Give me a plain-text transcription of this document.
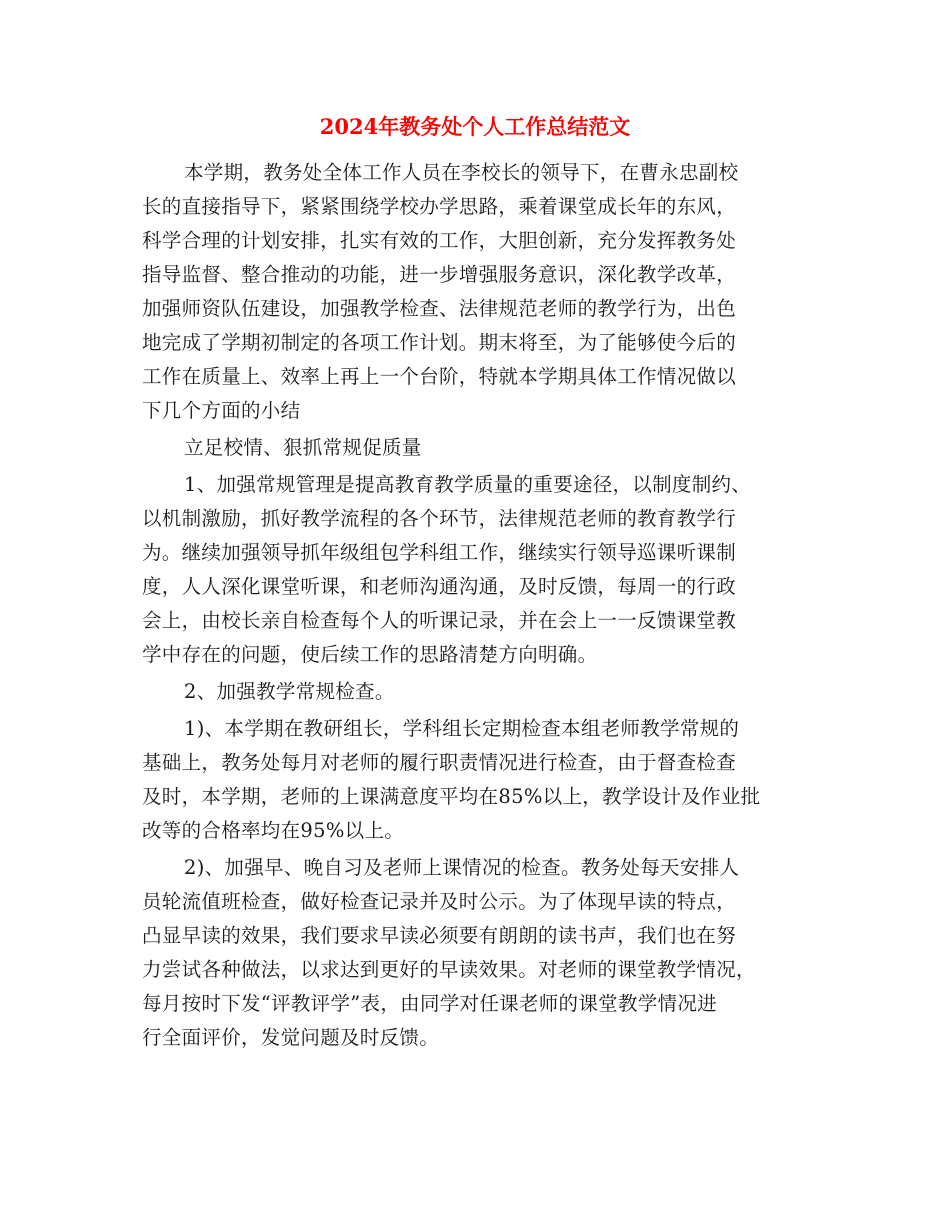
2024年教务处个人工作总结范文
本学期，教务处全体工作人员在李校长的领导下，在曹永忠副校
长的直接指导下，紧紧围绕学校办学思路，乘着课堂成长年的东风，
科学合理的计划安排，扎实有效的工作，大胆创新，充分发挥教务处
指导监督、整合推动的功能，进一步增强服务意识，深化教学改革，
加强师资队伍建设，加强教学检查、法律规范老师的教学行为，出色
地完成了学期初制定的各项工作计划。期末将至，为了能够使今后的
工作在质量上、效率上再上一个台阶，特就本学期具体工作情况做以
下几个方面的小结
立足校情、狠抓常规促质量
1、加强常规管理是提高教育教学质量的重要途径，以制度制约、
以机制激励，抓好教学流程的各个环节，法律规范老师的教育教学行
为。继续加强领导抓年级组包学科组工作，继续实行领导巡课听课制
度，人人深化课堂听课，和老师沟通沟通，及时反馈，每周一的行政
会上，由校长亲自检查每个人的听课记录，并在会上一一反馈课堂教
学中存在的问题，使后续工作的思路清楚方向明确。
2、加强教学常规检查。
1)、本学期在教研组长，学科组长定期检查本组老师教学常规的
基础上，教务处每月对老师的履行职责情况进行检查，由于督查检查
及时，本学期，老师的上课满意度平均在85%以上，教学设计及作业批
改等的合格率均在95%以上。
2)、加强早、晚自习及老师上课情况的检查。教务处每天安排人
员轮流值班检查，做好检查记录并及时公示。为了体现早读的特点，
凸显早读的效果，我们要求早读必须要有朗朗的读书声，我们也在努
力尝试各种做法，以求达到更好的早读效果。对老师的课堂教学情况，
每月按时下发“评教评学”表，由同学对任课老师的课堂教学情况进
行全面评价，发觉问题及时反馈。
